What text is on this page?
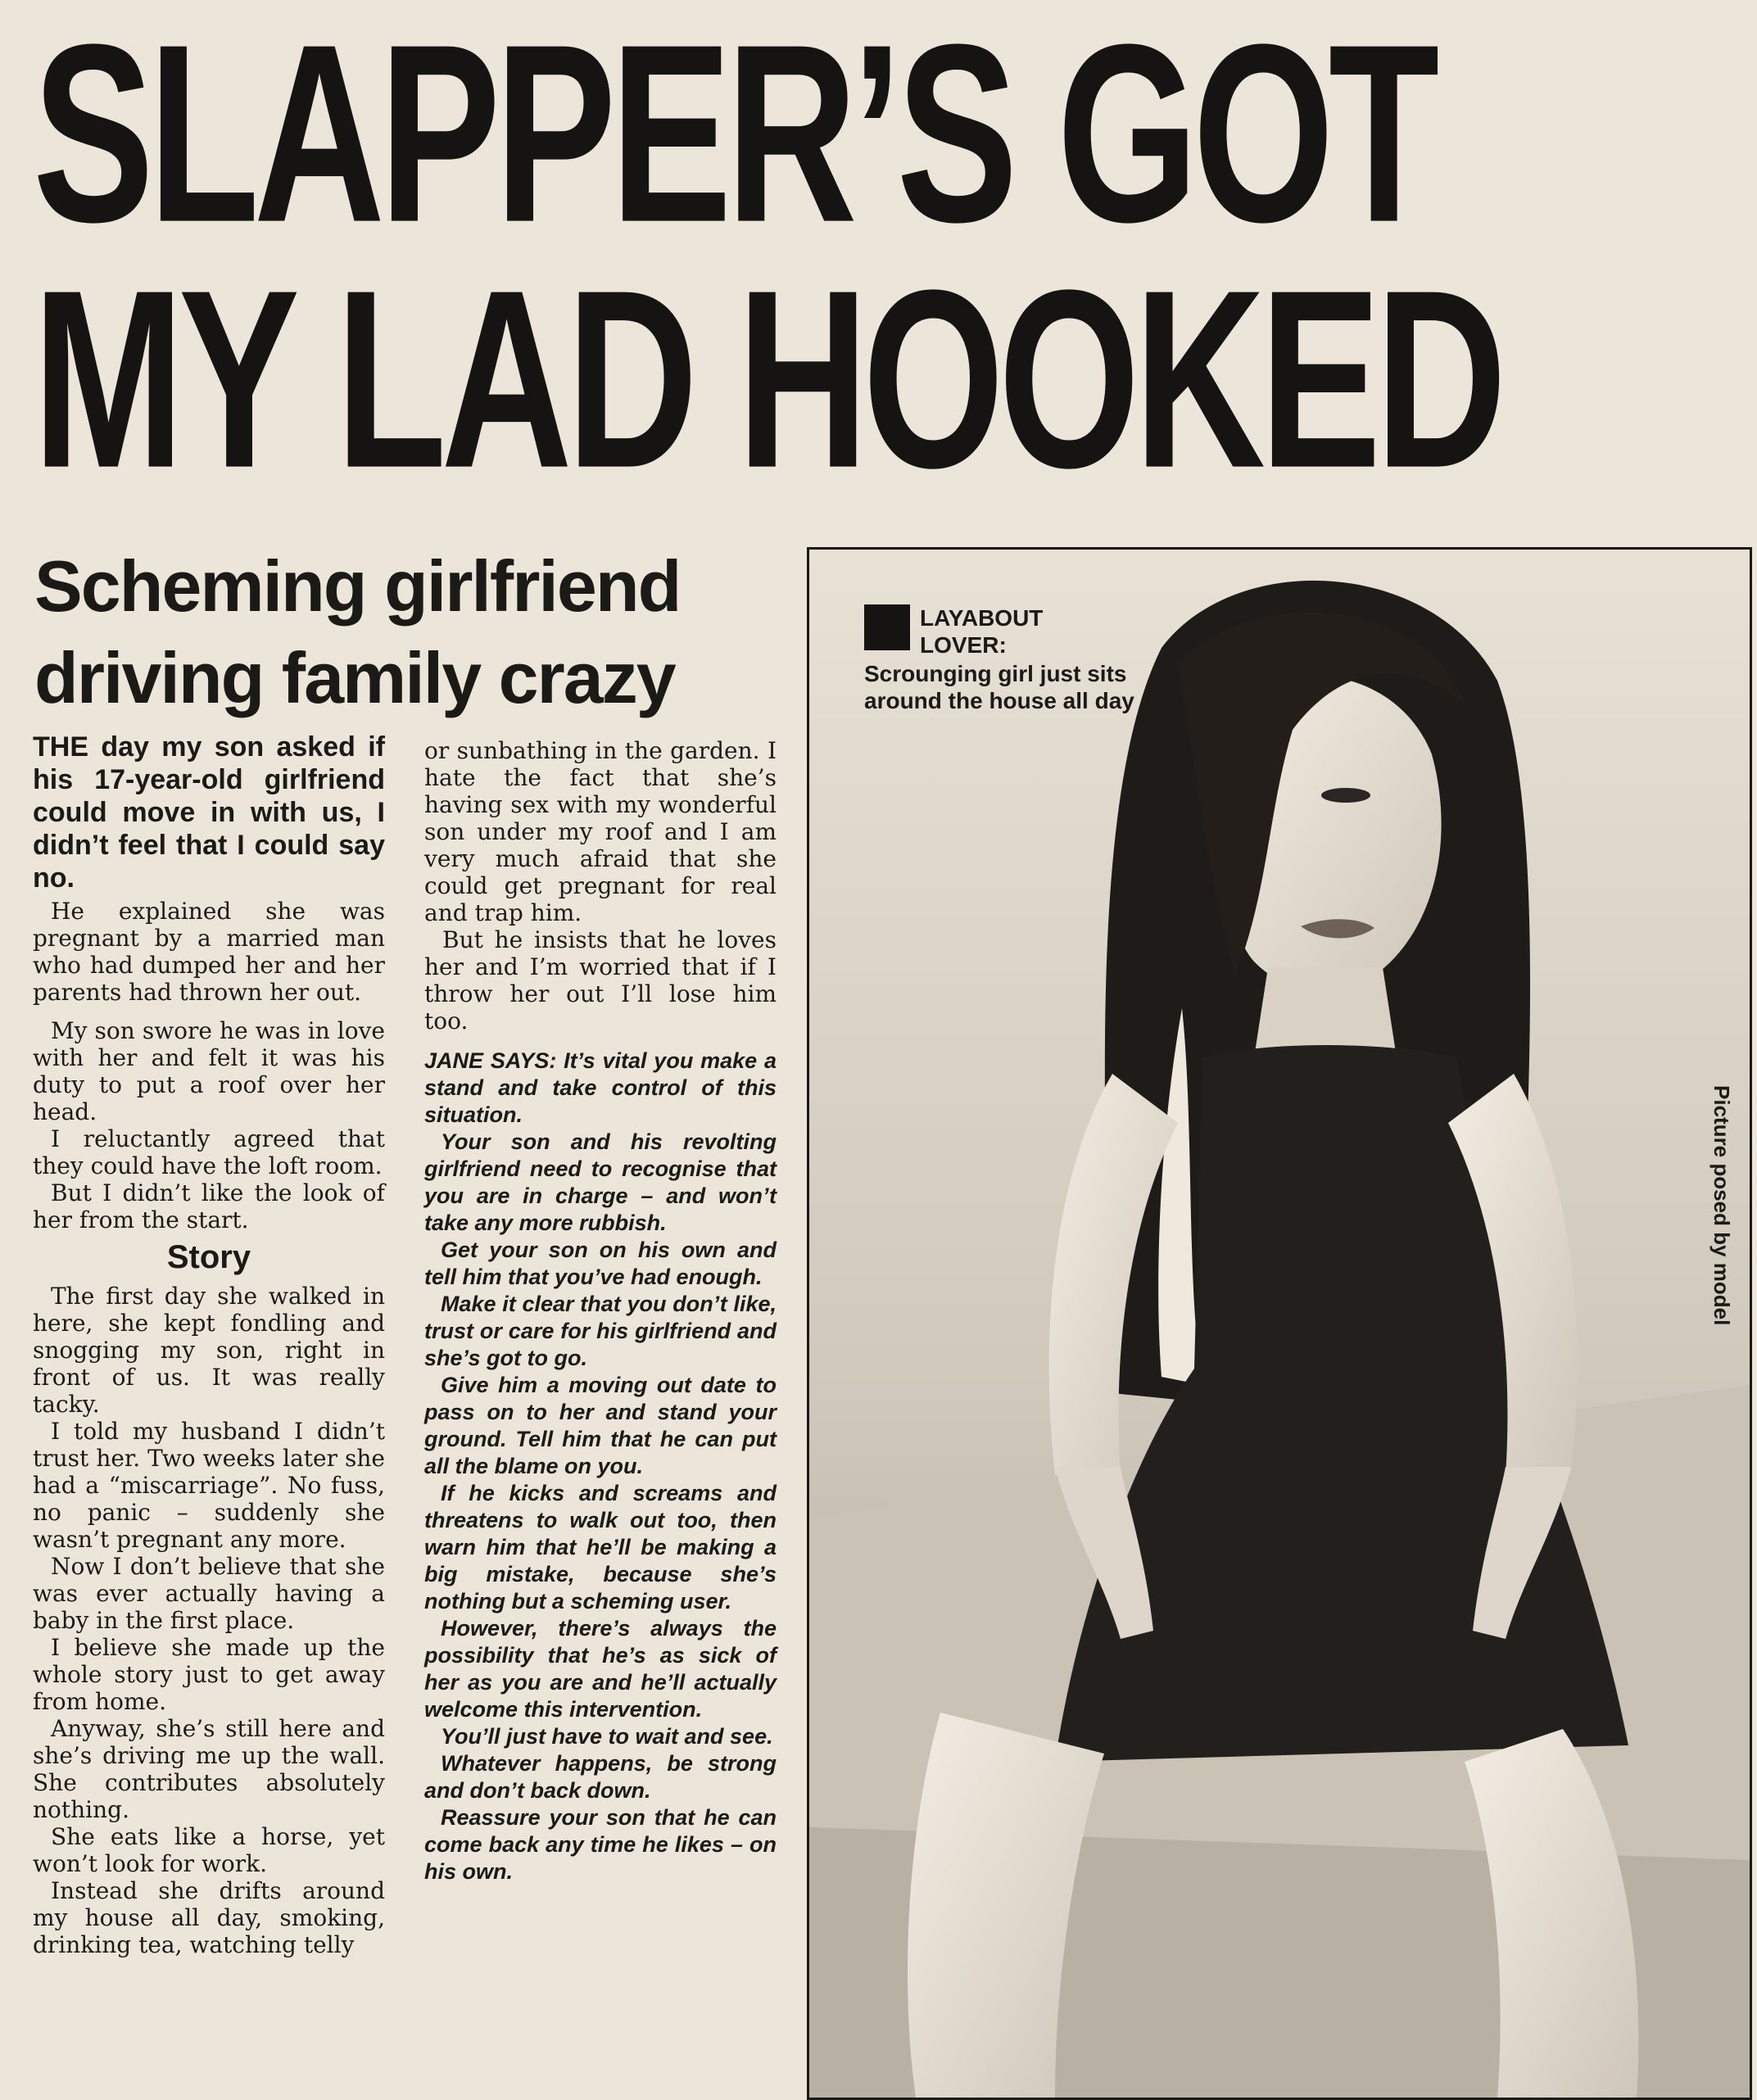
SLAPPER’S GOT
MY LAD HOOKED
Scheming girlfriend
driving family crazy
THE day my son asked if his 17-year-old girlfriend could move in with us, I didn’t feel that I could say no.

He explained she was pregnant by a married man who had dumped her and her parents had thrown her out.

My son swore he was in love with her and felt it was his duty to put a roof over her head.

I reluctantly agreed that they could have the loft room.

But I didn’t like the look of her from the start.

Story

The first day she walked in here, she kept fondling and snogging my son, right in front of us. It was really tacky.

I told my husband I didn’t trust her. Two weeks later she had a “miscarriage”. No fuss, no panic – suddenly she wasn’t pregnant any more.

Now I don’t believe that she was ever actually having a baby in the first place.

I believe she made up the whole story just to get away from home.

Anyway, she’s still here and she’s driving me up the wall. She contributes absolutely nothing.

She eats like a horse, yet won’t look for work.

Instead she drifts around my house all day, smoking, drinking tea, watching telly

or sunbathing in the garden. I hate the fact that she’s having sex with my wonderful son under my roof and I am very much afraid that she could get pregnant for real and trap him.

But he insists that he loves her and I’m worried that if I throw her out I’ll lose him too.

JANE SAYS: It’s vital you make a stand and take control of this situation.

Your son and his revolting girlfriend need to recognise that you are in charge – and won’t take any more rubbish.

Get your son on his own and tell him that you’ve had enough.

Make it clear that you don’t like, trust or care for his girlfriend and she’s got to go.

Give him a moving out date to pass on to her and stand your ground. Tell him that he can put all the blame on you.

If he kicks and screams and threatens to walk out too, then warn him that he’ll be making a big mistake, because she’s nothing but a scheming user.

However, there’s always the possibility that he’s as sick of her as you are and he’ll actually welcome this intervention.

You’ll just have to wait and see.

Whatever happens, be strong and don’t back down.

Reassure your son that he can come back any time he likes – on his own.

LAYABOUT LOVER:
Scrounging girl just sits around the house all day
Picture posed by model
